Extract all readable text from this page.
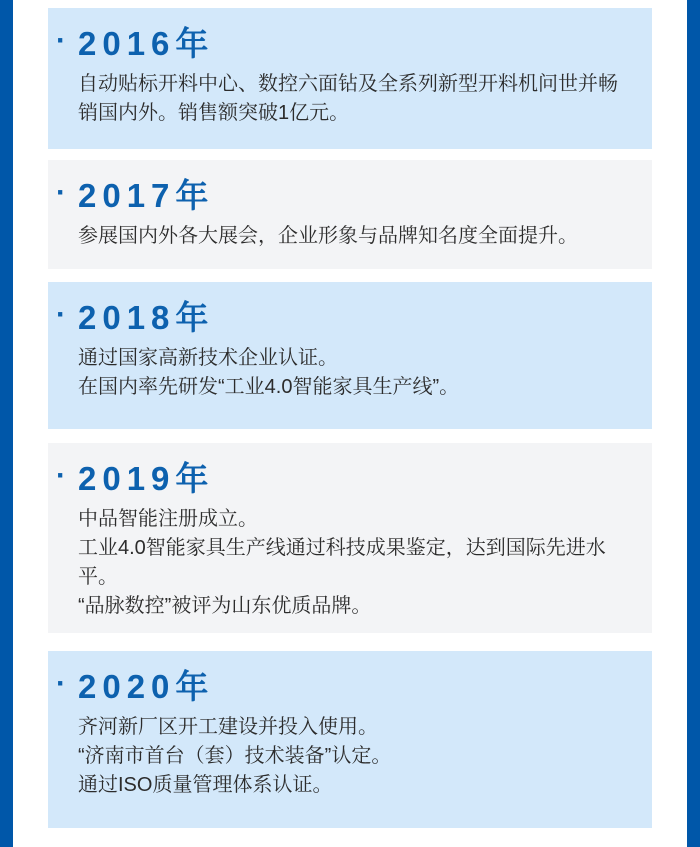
· 2016年

自动贴标开料中心、数控六面钻及全系列新型开料机问世并畅销国内外。销售额突破1亿元。

· 2017年

参展国内外各大展会，企业形象与品牌知名度全面提升。

· 2018年

通过国家高新技术企业认证。

在国内率先研发“工业4.0智能家具生产线”。

· 2019年

中品智能注册成立。

工业4.0智能家具生产线通过科技成果鉴定，达到国际先进水平。

“品脉数控”被评为山东优质品牌。

· 2020年

齐河新厂区开工建设并投入使用。

“济南市首台（套）技术装备”认定。

通过ISO质量管理体系认证。
